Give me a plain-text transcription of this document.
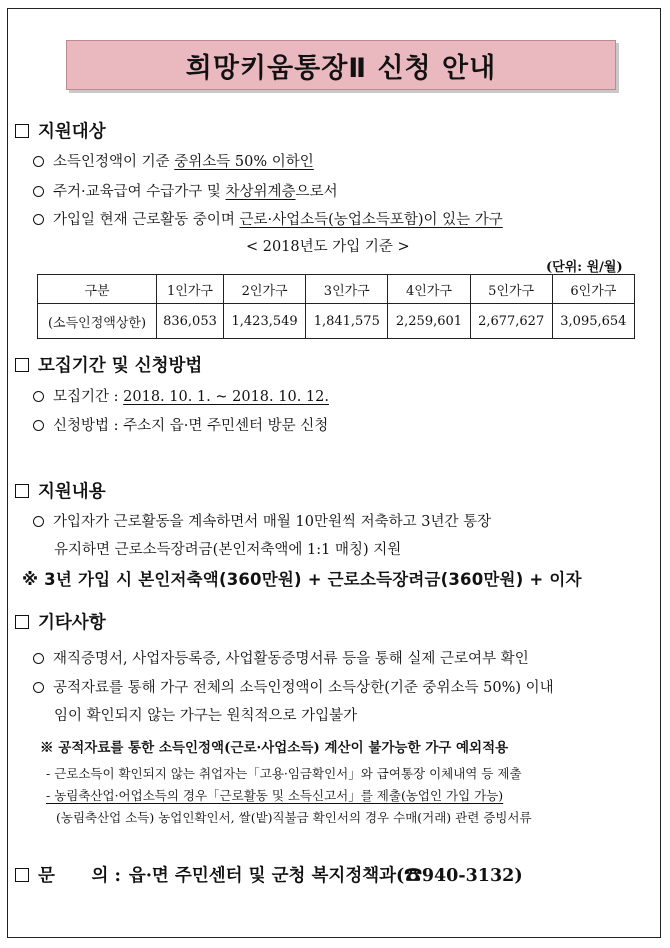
희망키움통장Ⅱ 신청 안내
지원대상
소득인정액이 기준 중위소득 50% 이하인
주거·교육급여 수급가구 및 차상위계층으로서
가입일 현재 근로활동 중이며 근로·사업소득(농업소득포함)이 있는 가구
< 2018년도 가입 기준 >
(단위: 원/월)
구분	1인가구	2인가구	3인가구	4인가구	5인가구	6인가구
(소득인정액상한)	836,053	1,423,549	1,841,575	2,259,601	2,677,627	3,095,654
모집기간 및 신청방법
모집기간 : 2018. 10. 1. ~ 2018. 10. 12.
신청방법 : 주소지 읍·면 주민센터 방문 신청
지원내용
가입자가 근로활동을 계속하면서 매월 10만원씩 저축하고 3년간 통장
유지하면 근로소득장려금(본인저축액에 1:1 매칭) 지원
※ 3년 가입 시 본인저축액(360만원) + 근로소득장려금(360만원) + 이자
기타사항
재직증명서, 사업자등록증, 사업활동증명서류 등을 통해 실제 근로여부 확인
공적자료를 통해 가구 전체의 소득인정액이 소득상한(기준 중위소득 50%) 이내
임이 확인되지 않는 가구는 원칙적으로 가입불가
※ 공적자료를 통한 소득인정액(근로·사업소득) 계산이 불가능한 가구 예외적용
- 근로소득이 확인되지 않는 취업자는「고용·임금확인서」와 급여통장 이체내역 등 제출
- 농림축산업·어업소득의 경우「근로활동 및 소득신고서」를 제출(농업인 가입 가능)
(농림축산업 소득) 농업인확인서, 쌀(밭)직불금 확인서의 경우 수매(거래) 관련 증빙서류
문      의 : 읍·면 주민센터 및 군청 복지정책과(☎940-3132)
